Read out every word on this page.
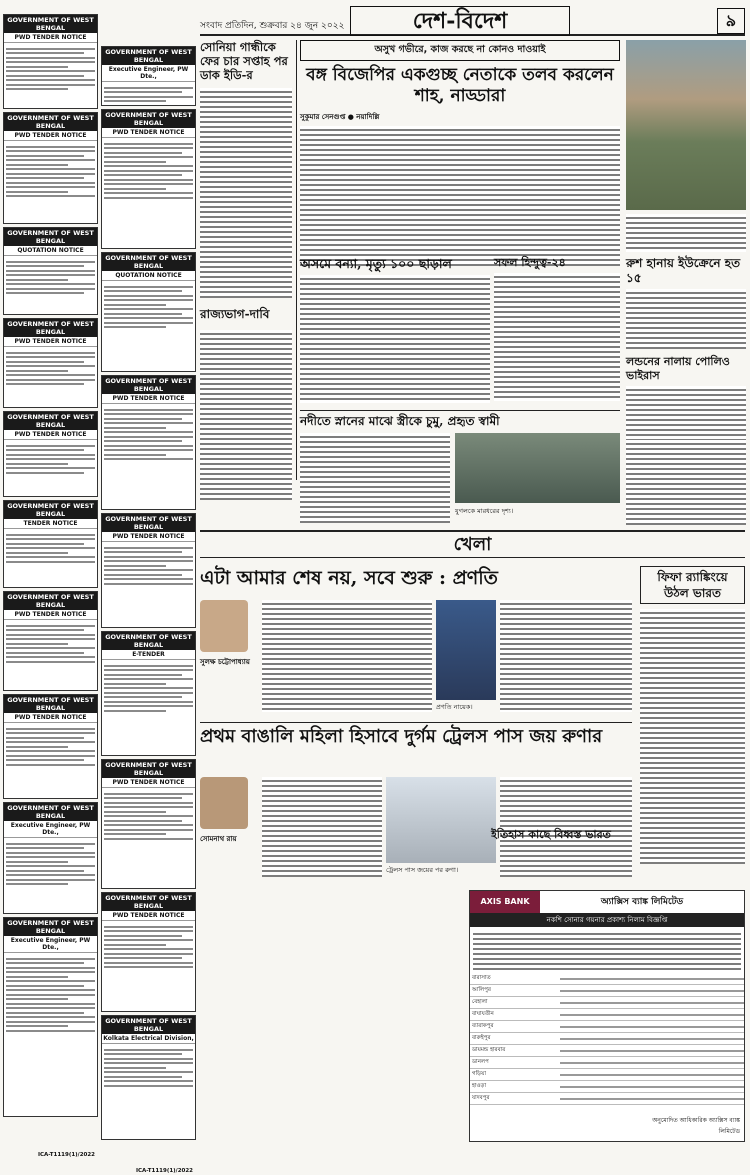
সংবাদ প্রতিদিন, শুক্রবার ২৪ জুন ২০২২	দেশ-বিদেশ	৯
GOVERNMENT OF WEST BENGAL
PWD TENDER NOTICE
GOVERNMENT OF WEST BENGAL
PWD TENDER NOTICE
GOVERNMENT OF WEST BENGAL
QUOTATION NOTICE
GOVERNMENT OF WEST BENGAL
PWD TENDER NOTICE
GOVERNMENT OF WEST BENGAL
PWD TENDER NOTICE
GOVERNMENT OF WEST BENGAL
TENDER NOTICE
GOVERNMENT OF WEST BENGAL
PWD TENDER NOTICE
GOVERNMENT OF WEST BENGAL
PWD TENDER NOTICE
GOVERNMENT OF WEST BENGAL
Executive Engineer, PW Dte.,
GOVERNMENT OF WEST BENGAL
Executive Engineer, PW Dte.,
ICA-T1119(1)/2022
GOVERNMENT OF WEST BENGAL
Executive Engineer, PW Dte.,
GOVERNMENT OF WEST BENGAL
PWD TENDER NOTICE
GOVERNMENT OF WEST BENGAL
QUOTATION NOTICE
GOVERNMENT OF WEST BENGAL
PWD TENDER NOTICE
GOVERNMENT OF WEST BENGAL
PWD TENDER NOTICE
GOVERNMENT OF WEST BENGAL
E-TENDER
GOVERNMENT OF WEST BENGAL
PWD TENDER NOTICE
GOVERNMENT OF WEST BENGAL
PWD TENDER NOTICE
GOVERNMENT OF WEST BENGAL
Kolkata Electrical Division,
ICA-T1119(1)/2022
সোনিয়া গান্ধীকে ফের চার সপ্তাহ পর ডাক ইডি-র
রাজ্যভাগ-দাবি
অসুখ গভীরে, কাজ করছে না কোনও দাওয়াই
বঙ্গ বিজেপির একগুচ্ছ নেতাকে তলব করলেন শাহ, নাড্ডারা
সুকুমার সেনগুপ্ত ● নয়াদিল্লি
রুশ হানায় ইউক্রেনে হত ১৫
লন্ডনের নালায় পোলিও ভাইরাস
অসমে বন্যা, মৃত্যু ১০০ ছাড়াল	সফল হিন্দুত্ব-২৪
নদীতে স্নানের মাঝে স্ত্রীকে চুমু, প্রহৃত স্বামী
যুগলকে মারধরের দৃশ্য।
খেলা
এটা আমার শেষ নয়, সবে শুরু : প্রণতি
সুলক্ষ চট্টোপাধ্যায়
প্রণতি নায়েক।
ফিফা র‌্যাঙ্কিংয়ে উঠল ভারত
প্রথম বাঙালি মহিলা হিসাবে দুর্গম ট্রেলস পাস জয় রুণার
সোমনাথ রায়
ট্রেলস পাস জয়ের পর রুণা।
ইতিহাস কাছে বিধ্বস্ত ভারত
AXIS BANK	অ্যাক্সিস ব্যাঙ্ক লিমিটেড
নকশি সোনার গয়নার প্রকাশ্য নিলাম বিজ্ঞপ্তি
বারাসাত
আলিপুর
বেহালা
বাঘাযতীন
ব্যারাকপুর
বারুইপুর
ডায়মন্ড হারবার
ডানলপ
গড়িয়া
হাওড়া
যাদবপুর
অনুমোদিত আধিকারিক অ্যাক্সিস ব্যাঙ্ক লিমিটেড
